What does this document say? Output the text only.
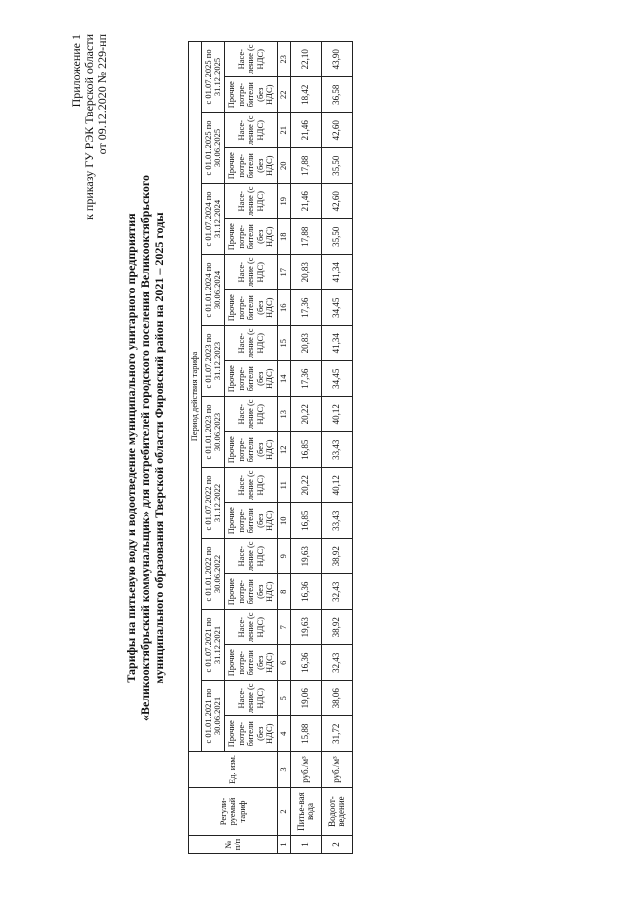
Приложение 1 к приказу ГУ РЭК Тверской области от 09.12.2020 № 229-нп
Тарифы на питьевую воду и водоотведение муниципального унитарного предприятия «Великооктябрьский коммунальщик» для потребителей городского поселения Великооктябрьского муниципального образования Тверской области Фировский район на 2021 – 2025 годы
№ п/п	Регули-руемый тариф	Ед. изм.	Период действия тарифа																			
			с 01.01.2021 по 30.06.2021		с 01.07.2021 по 31.12.2021		с 01.01.2022 по 30.06.2022		с 01.07.2022 по 31.12.2022		с 01.01.2023 по 30.06.2023		с 01.07.2023 по 31.12.2023		с 01.01.2024 по 30.06.2024		с 01.07.2024 по 31.12.2024		с 01.01.2025 по 30.06.2025		с 01.07.2025 по 31.12.2025	
			Прочие потре-бители (без НДС)	Насе-ление (с НДС)	Прочие потре-бители (без НДС)	Насе-ление (с НДС)	Прочие потре-бители (без НДС)	Насе-ление (с НДС)	Прочие потре-бители (без НДС)	Насе-ление (с НДС)	Прочие потре-бители (без НДС)	Насе-ление (с НДС)	Прочие потре-бители (без НДС)	Насе-ление (с НДС)	Прочие потре-бители (без НДС)	Насе-ление (с НДС)	Прочие потре-бители (без НДС)	Насе-ление (с НДС)	Прочие потре-бители (без НДС)	Насе-ление (с НДС)	Прочие потре-бители (без НДС)	Насе-ление (с НДС)
1	2	3	4	5	6	7	8	9	10	11	12	13	14	15	16	17	18	19	20	21	22	23
1	Питье-вая вода	руб./м³	15,88	19,06	16,36	19,63	16,36	19,63	16,85	20,22	16,85	20,22	17,36	20,83	17,36	20,83	17,88	21,46	17,88	21,46	18,42	22,10
2	Водоот-ведение	руб./м³	31,72	38,06	32,43	38,92	32,43	38,92	33,43	40,12	33,43	40,12	34,45	41,34	34,45	41,34	35,50	42,60	35,50	42,60	36,58	43,90
